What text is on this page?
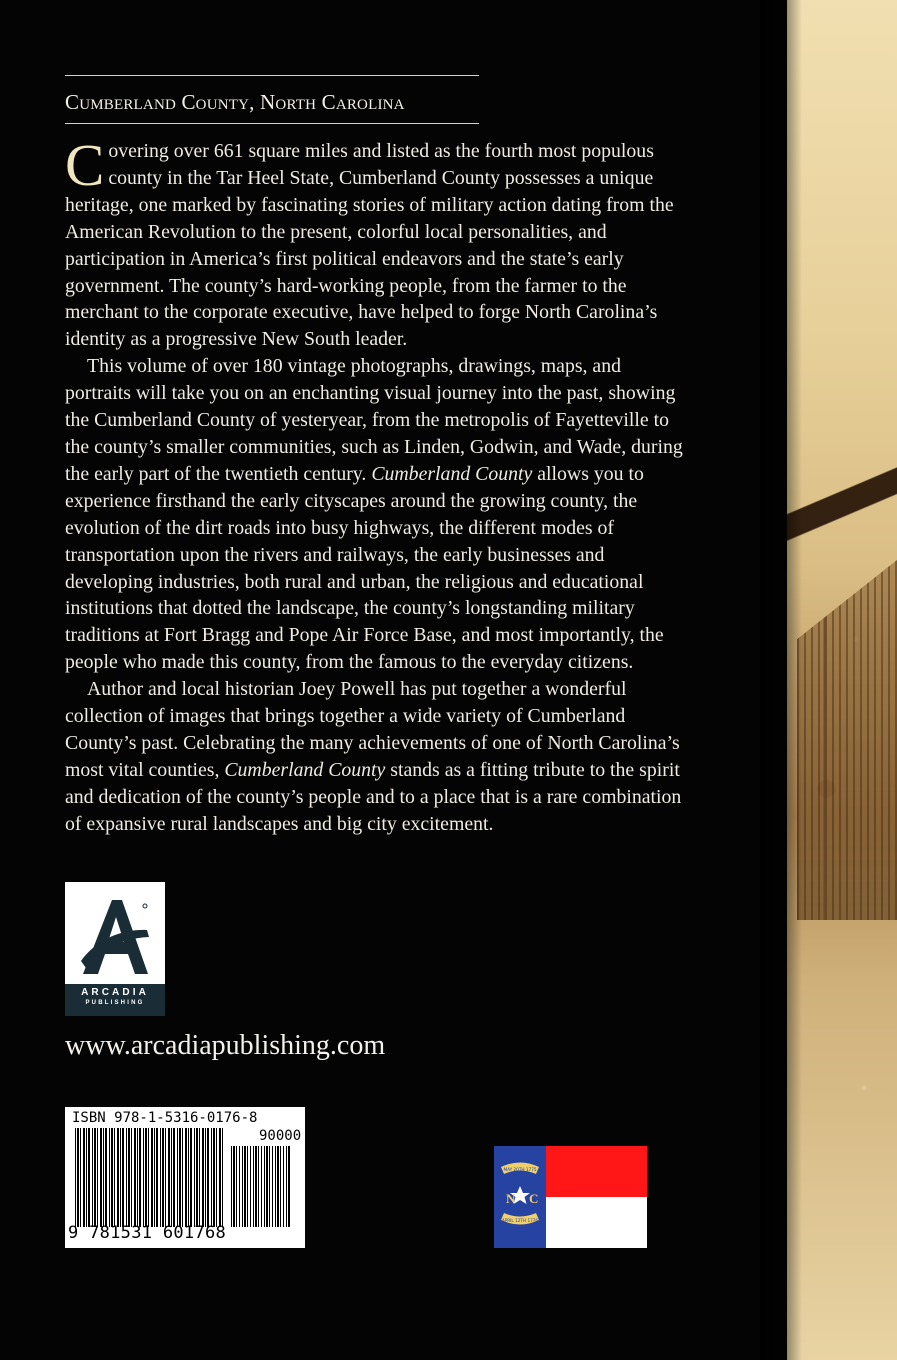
Cumberland County, North Carolina

Covering over 661 square miles and listed as the fourth most populous county in the Tar Heel State, Cumberland County possesses a unique heritage, one marked by fascinating stories of military action dating from the American Revolution to the present, colorful local personalities, and participation in America’s first political endeavors and the state’s early government. The county’s hard-working people, from the farmer to the merchant to the corporate executive, have helped to forge North Carolina’s identity as a progressive New South leader.

This volume of over 180 vintage photographs, drawings, maps, and portraits will take you on an enchanting visual journey into the past, showing the Cumberland County of yesteryear, from the metropolis of Fayetteville to the county’s smaller communities, such as Linden, Godwin, and Wade, during the early part of the twentieth century. Cumberland County allows you to experience firsthand the early cityscapes around the growing county, the evolution of the dirt roads into busy highways, the different modes of transportation upon the rivers and railways, the early businesses and developing industries, both rural and urban, the religious and educational institutions that dotted the landscape, the county’s longstanding military traditions at Fort Bragg and Pope Air Force Base, and most importantly, the people who made this county, from the famous to the everyday citizens.

Author and local historian Joey Powell has put together a wonderful collection of images that brings together a wide variety of Cumberland County’s past. Celebrating the many achievements of one of North Carolina’s most vital counties, Cumberland County stands as a fitting tribute to the spirit and dedication of the county’s people and to a place that is a rare combination of expansive rural landscapes and big city excitement.

ARCADIA
PUBLISHING
www.arcadiapublishing.com
ISBN 978-1-5316-0176-8
90000
9 781531 601768
MAY 20TH 1775
APRIL 12TH 1776
N C
